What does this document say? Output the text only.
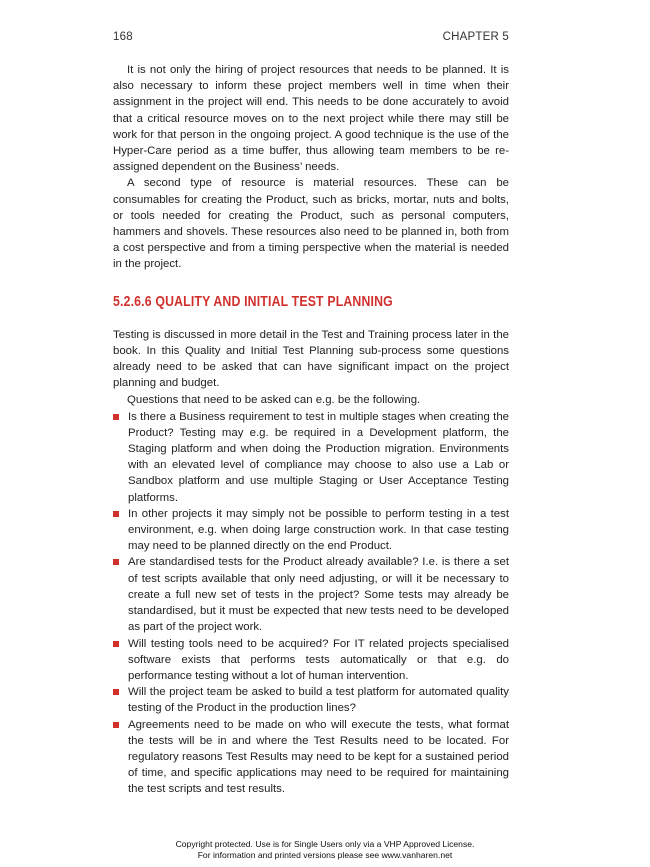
168	CHAPTER 5

It is not only the hiring of project resources that needs to be planned. It is also necessary to inform these project members well in time when their assignment in the project will end. This needs to be done accurately to avoid that a critical resource moves on to the next project while there may still be work for that person in the ongoing project. A good technique is the use of the Hyper-Care period as a time buffer, thus allowing team members to be re-assigned dependent on the Business’ needs.

A second type of resource is material resources. These can be consumables for creating the Product, such as bricks, mortar, nuts and bolts, or tools needed for creating the Product, such as personal computers, hammers and shovels. These resources also need to be planned in, both from a cost perspective and from a timing perspective when the material is needed in the project.

5.2.6.6 QUALITY AND INITIAL TEST PLANNING

Testing is discussed in more detail in the Test and Training process later in the book. In this Quality and Initial Test Planning sub-process some questions already need to be asked that can have significant impact on the project planning and budget.

Questions that need to be asked can e.g. be the following.

Is there a Business requirement to test in multiple stages when creating the Product? Testing may e.g. be required in a Development platform, the Staging platform and when doing the Production migration. Environments with an elevated level of compliance may choose to also use a Lab or Sandbox platform and use multiple Staging or User Acceptance Testing platforms.
In other projects it may simply not be possible to perform testing in a test environment, e.g. when doing large construction work. In that case testing may need to be planned directly on the end Product.
Are standardised tests for the Product already available? I.e. is there a set of test scripts available that only need adjusting, or will it be necessary to create a full new set of tests in the project? Some tests may already be standardised, but it must be expected that new tests need to be developed as part of the project work.
Will testing tools need to be acquired? For IT related projects specialised software exists that performs tests automatically or that e.g. do performance testing without a lot of human intervention.
Will the project team be asked to build a test platform for automated quality testing of the Product in the production lines?
Agreements need to be made on who will execute the tests, what format the tests will be in and where the Test Results need to be located. For regulatory reasons Test Results may need to be kept for a sustained period of time, and specific applications may need to be required for maintaining the test scripts and test results.
Copyright protected. Use is for Single Users only via a VHP Approved License.
For information and printed versions please see www.vanharen.net
